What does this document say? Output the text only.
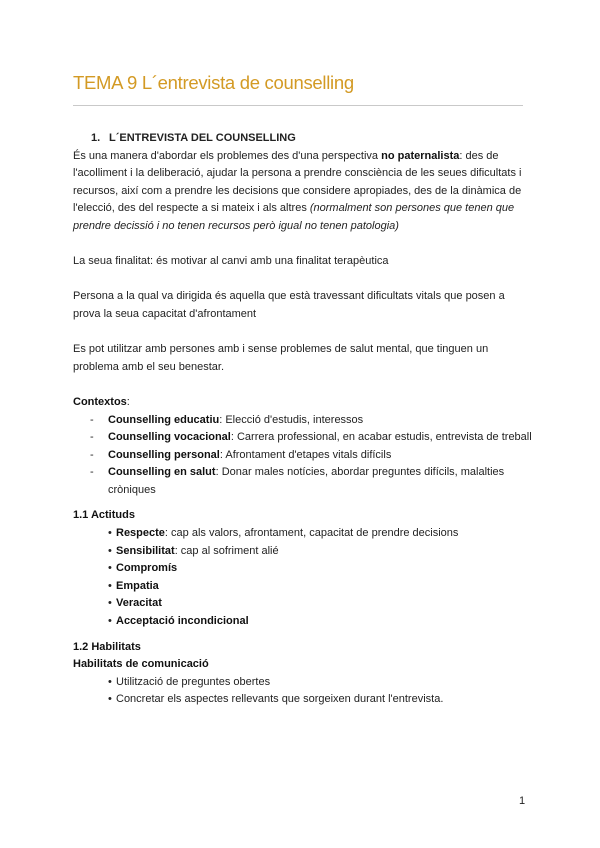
TEMA 9 L´entrevista de counselling

1. L´ENTREVISTA DEL COUNSELLING

És una manera d'abordar els problemes des d'una perspectiva no paternalista: des de l'acolliment i la deliberació, ajudar la persona a prendre consciència de les seues dificultats i recursos, així com a prendre les decisions que considere apropiades, des de la dinàmica de l'elecció, des del respecte a si mateix i als altres (normalment son persones que tenen que prendre decissió i no tenen recursos però igual no tenen patologia)

La seua finalitat: és motivar al canvi amb una finalitat terapèutica

Persona a la qual va dirigida és aquella que està travessant dificultats vitals que posen a prova la seua capacitat d'afrontament

Es pot utilitzar amb persones amb i sense problemes de salut mental, que tinguen un problema amb el seu benestar.

Contextos:

- Counselling educatiu: Elecció d'estudis, interessos
- Counselling vocacional: Carrera professional, en acabar estudis, entrevista de treball
- Counselling personal: Afrontament d'etapes vitals difícils
- Counselling en salut: Donar males notícies, abordar preguntes difícils, malalties cròniques

1.1 Actituds

• Respecte: cap als valors, afrontament, capacitat de prendre decisions
• Sensibilitat: cap al sofriment alié
• Compromís
• Empatia
• Veracitat
• Acceptació incondicional

1.2 Habilitats

Habilitats de comunicació

• Utilització de preguntes obertes
• Concretar els aspectes rellevants que sorgeixen durant l'entrevista.
1
